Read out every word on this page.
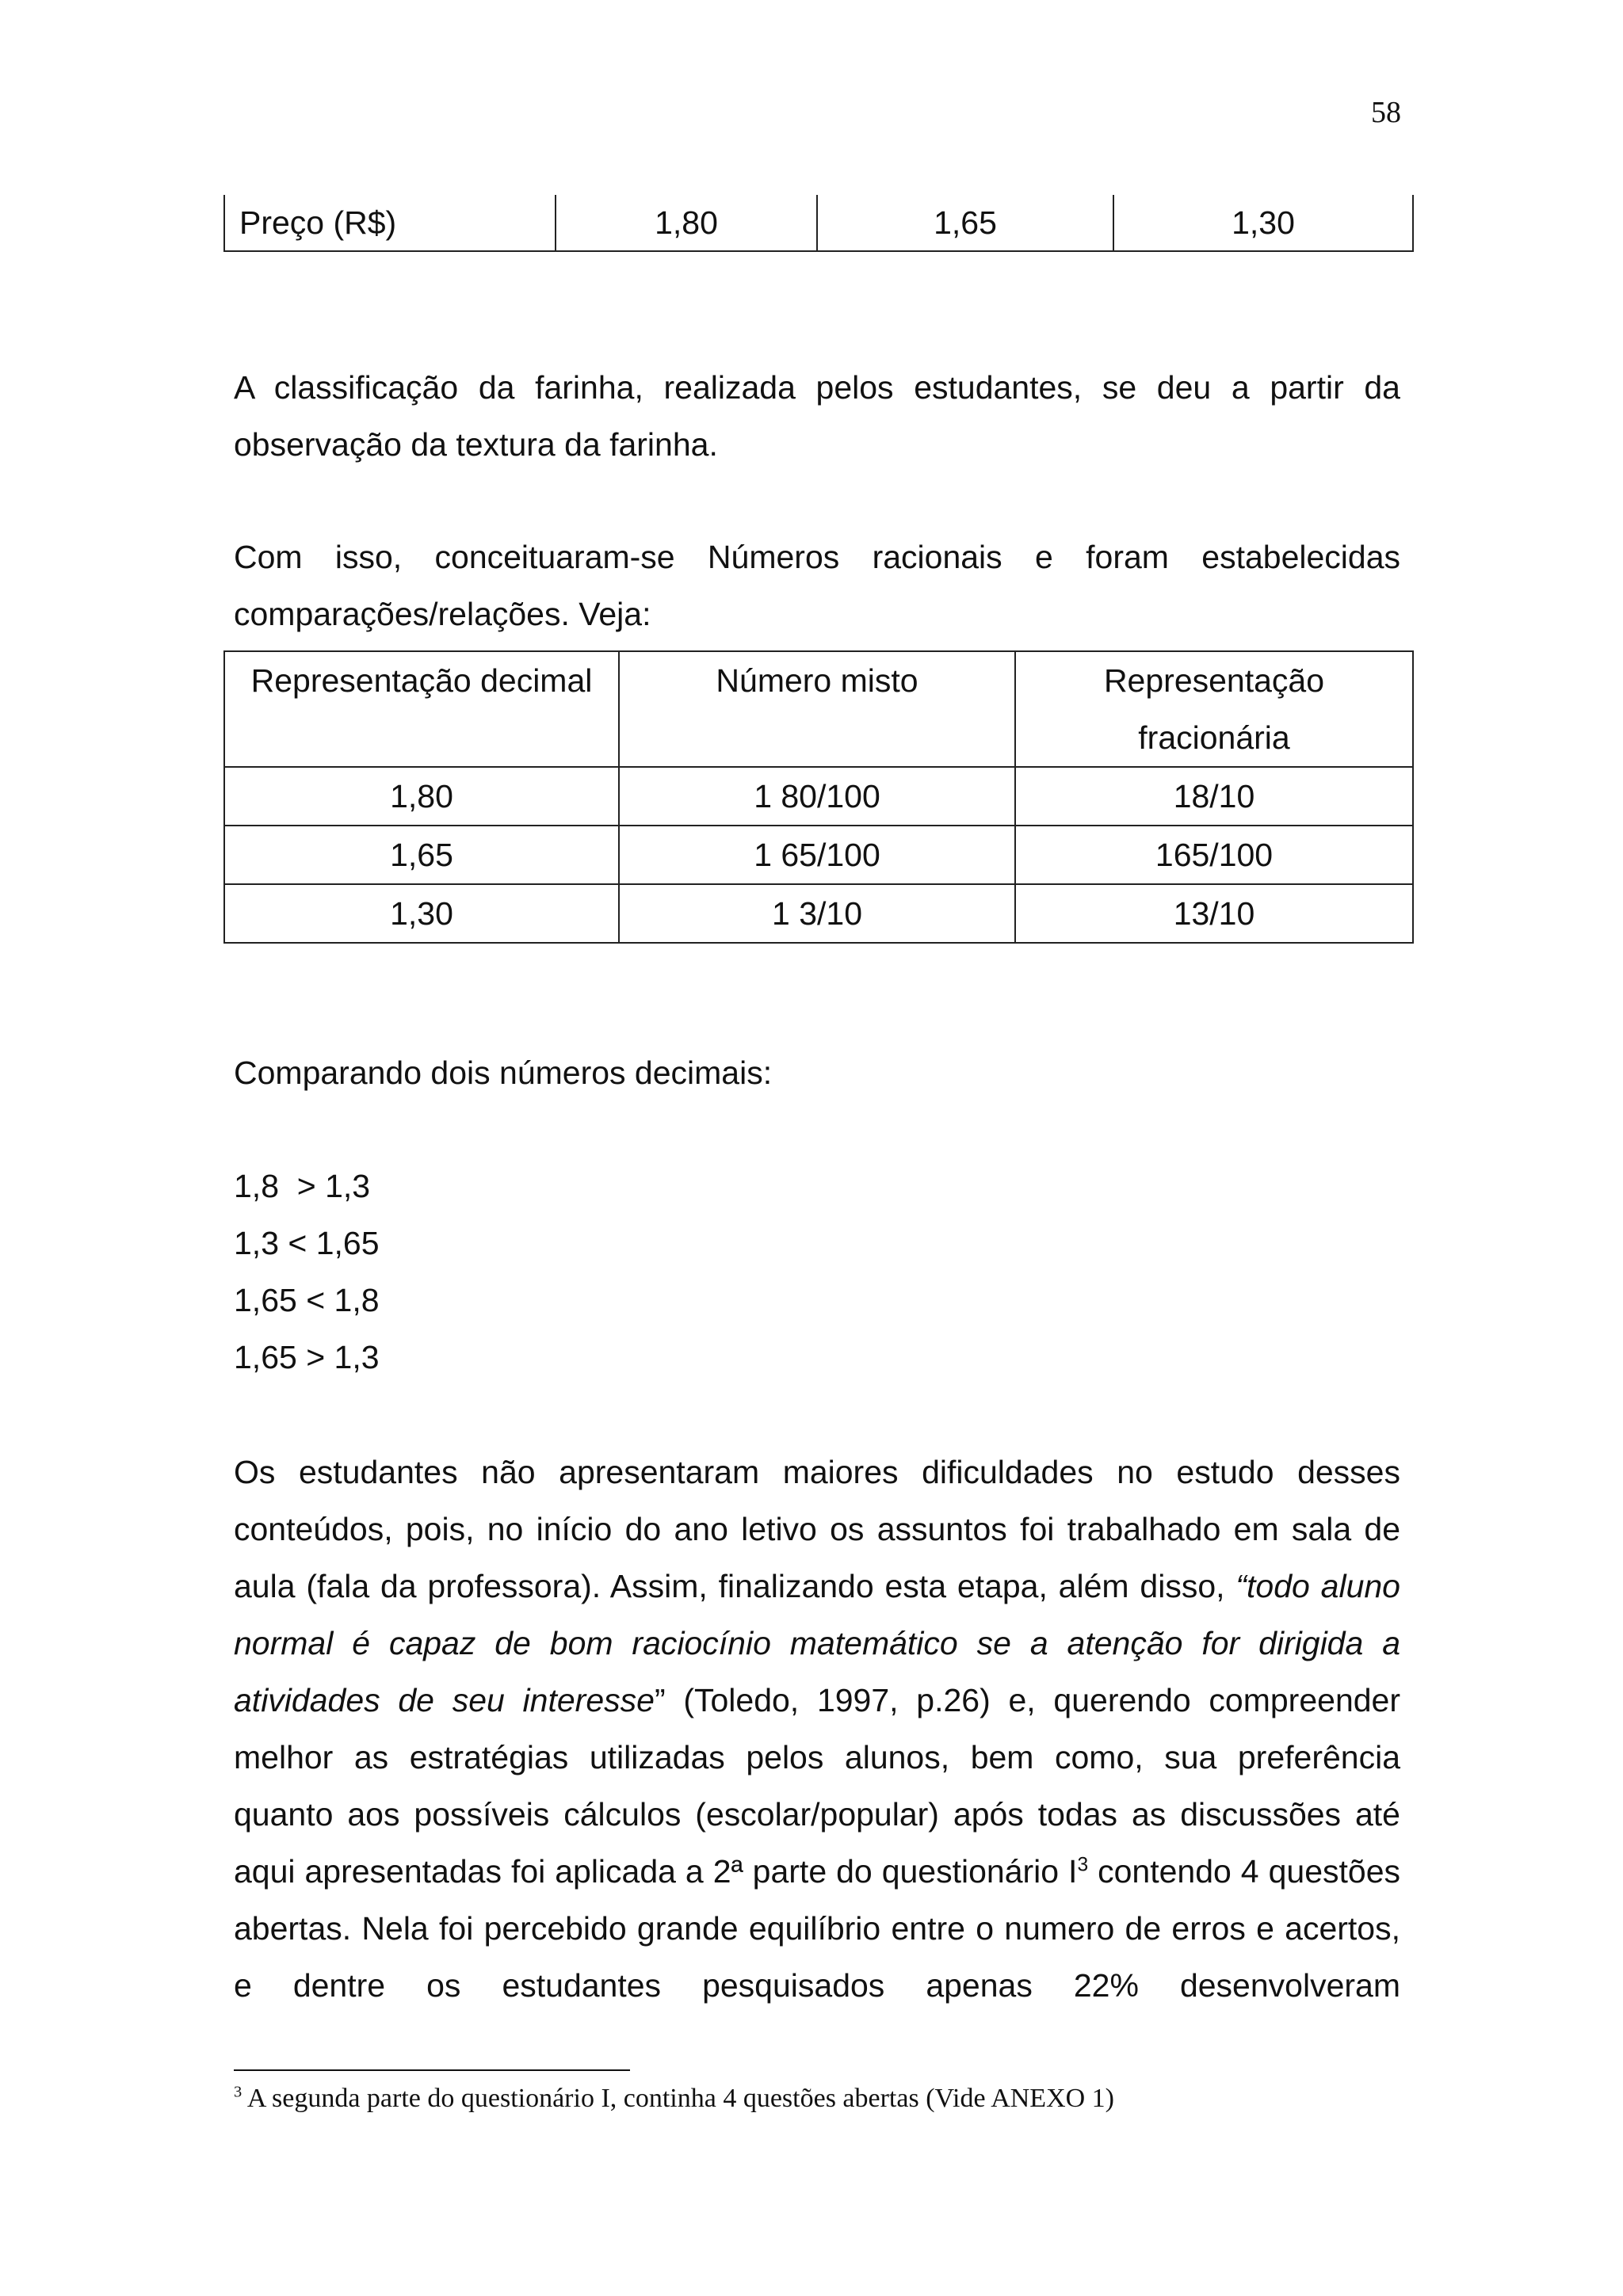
58
Preço (R$)	1,80	1,65	1,30

A classificação da farinha, realizada pelos estudantes, se deu a partir da observação da textura da farinha.

Com isso, conceituaram-se Números racionais e foram estabelecidas comparações/relações. Veja:

Representação decimal	Número misto	Representação fracionária

1,80	1 80/100	18/10
1,65	1 65/100	165/100
1,30	1 3/10	13/10
Comparando dois números decimais:
1,8  > 1,3
1,3 < 1,65
1,65 < 1,8
1,65 > 1,3

Os estudantes não apresentaram maiores dificuldades no estudo desses conteúdos, pois, no início do ano letivo os assuntos foi trabalhado em sala de aula (fala da professora). Assim, finalizando esta etapa, além disso, “todo aluno normal é capaz de bom raciocínio matemático se a atenção for dirigida a atividades de seu interesse” (Toledo, 1997, p.26) e, querendo compreender melhor as estratégias utilizadas pelos alunos, bem como, sua preferência quanto aos possíveis cálculos (escolar/popular) após todas as discussões até aqui apresentadas foi aplicada a 2ª parte do questionário $I^3$ contendo 4 questões abertas. Nela foi percebido grande equilíbrio entre o numero de erros e acertos, e dentre os estudantes pesquisados apenas 22% desenvolveram

$^3$ A segunda parte do questionário I, continha 4 questões abertas (Vide ANEXO 1)
